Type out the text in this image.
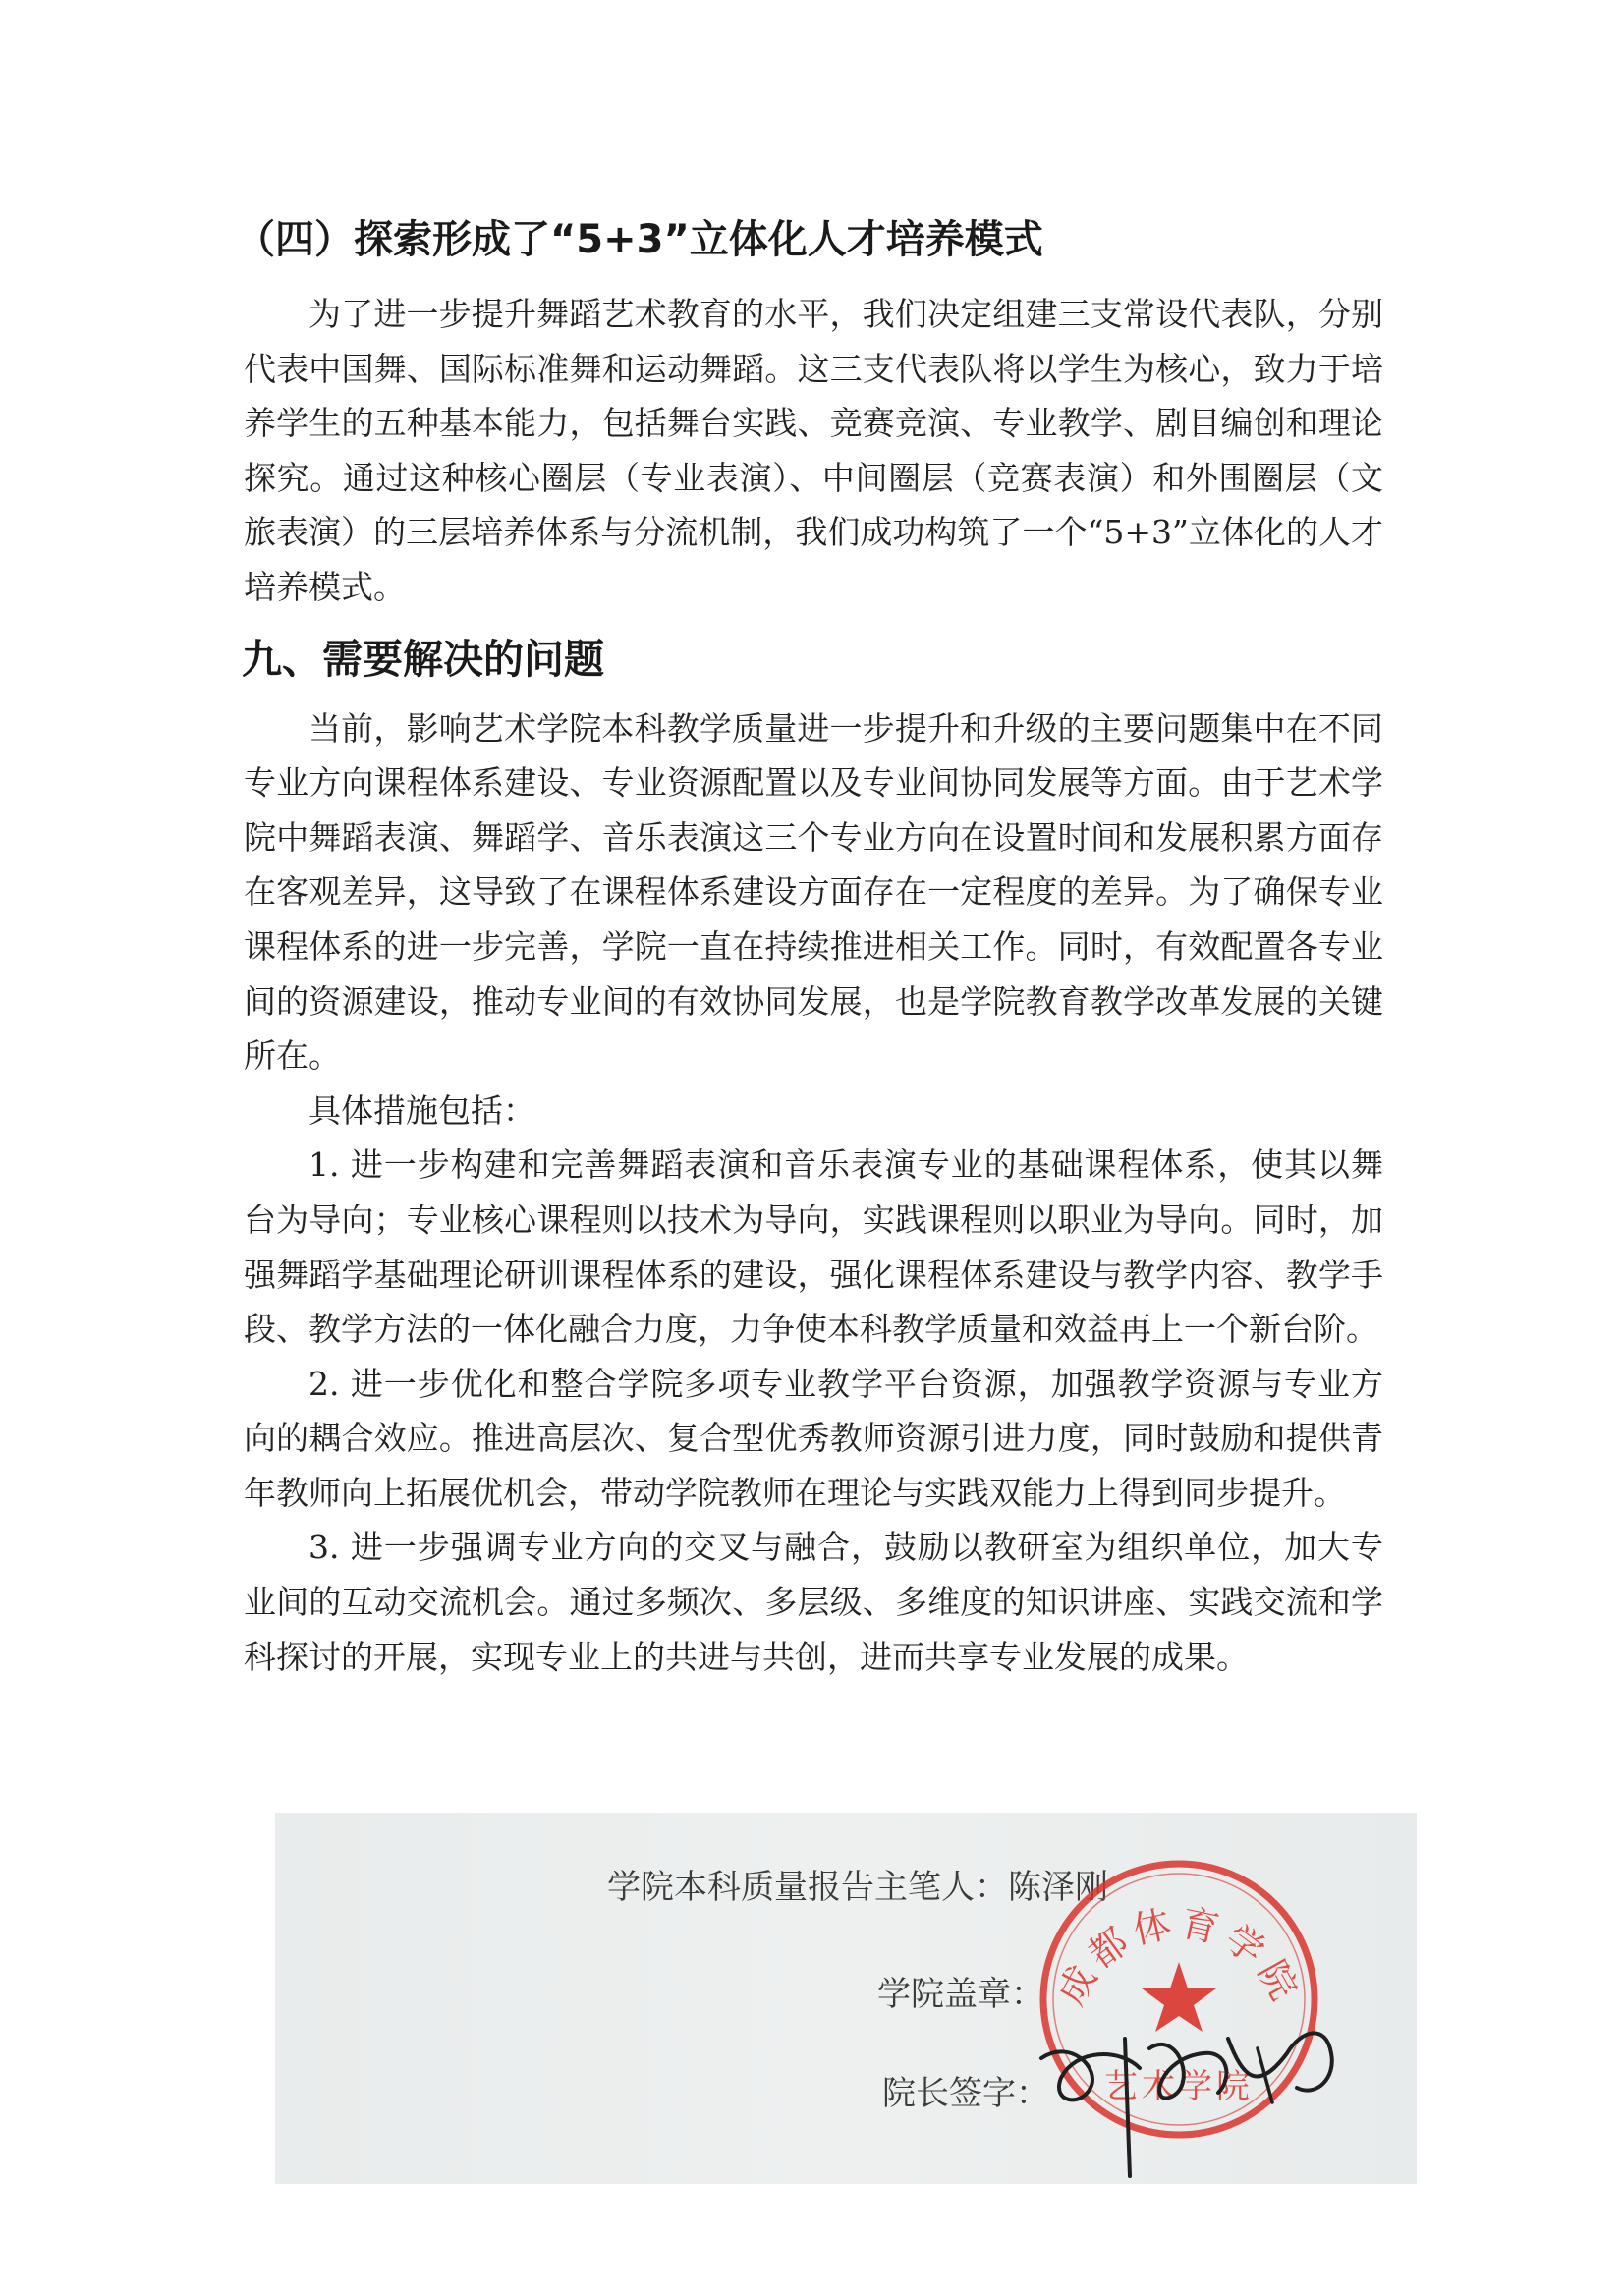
（四）探索形成了“5+3”立体化人才培养模式

为了进一步提升舞蹈艺术教育的水平，我们决定组建三支常设代表队，分别代表中国舞、国际标准舞和运动舞蹈。这三支代表队将以学生为核心，致力于培养学生的五种基本能力，包括舞台实践、竞赛竞演、专业教学、剧目编创和理论探究。通过这种核心圈层（专业表演）、中间圈层（竞赛表演）和外围圈层（文旅表演）的三层培养体系与分流机制，我们成功构筑了一个“5+3”立体化的人才培养模式。

九、需要解决的问题

当前，影响艺术学院本科教学质量进一步提升和升级的主要问题集中在不同专业方向课程体系建设、专业资源配置以及专业间协同发展等方面。由于艺术学院中舞蹈表演、舞蹈学、音乐表演这三个专业方向在设置时间和发展积累方面存在客观差异，这导致了在课程体系建设方面存在一定程度的差异。为了确保专业课程体系的进一步完善，学院一直在持续推进相关工作。同时，有效配置各专业间的资源建设，推动专业间的有效协同发展，也是学院教育教学改革发展的关键所在。

具体措施包括：

1. 进一步构建和完善舞蹈表演和音乐表演专业的基础课程体系，使其以舞台为导向；专业核心课程则以技术为导向，实践课程则以职业为导向。同时，加强舞蹈学基础理论研训课程体系的建设，强化课程体系建设与教学内容、教学手段、教学方法的一体化融合力度，力争使本科教学质量和效益再上一个新台阶。

2. 进一步优化和整合学院多项专业教学平台资源，加强教学资源与专业方向的耦合效应。推进高层次、复合型优秀教师资源引进力度，同时鼓励和提供青年教师向上拓展优机会，带动学院教师在理论与实践双能力上得到同步提升。

3. 进一步强调专业方向的交叉与融合，鼓励以教研室为组织单位，加大专业间的互动交流机会。通过多频次、多层级、多维度的知识讲座、实践交流和学科探讨的开展，实现专业上的共进与共创，进而共享专业发展的成果。

学院本科质量报告主笔人：陈泽刚
学院盖章：
院长签字：
成都体育学院
艺术学院
